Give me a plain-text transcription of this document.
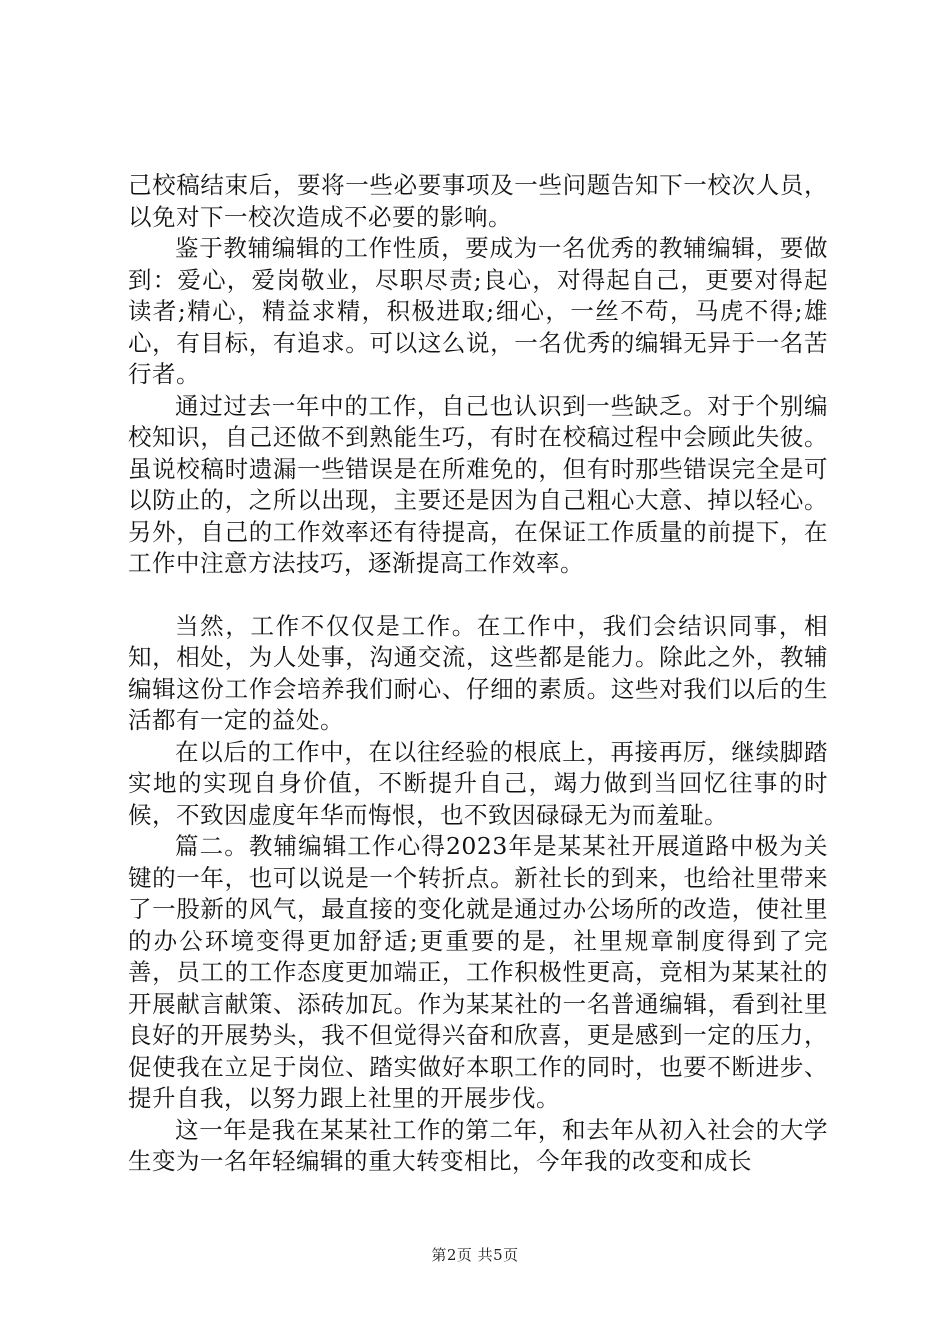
己校稿结束后，要将一些必要事项及一些问题告知下一校次人员，以免对下一校次造成不必要的影响。

鉴于教辅编辑的工作性质，要成为一名优秀的教辅编辑，要做到：爱心，爱岗敬业，尽职尽责;良心，对得起自己，更要对得起读者;精心，精益求精，积极进取;细心，一丝不苟，马虎不得;雄心，有目标，有追求。可以这么说，一名优秀的编辑无异于一名苦行者。

通过过去一年中的工作，自己也认识到一些缺乏。对于个别编校知识，自己还做不到熟能生巧，有时在校稿过程中会顾此失彼。虽说校稿时遗漏一些错误是在所难免的，但有时那些错误完全是可以防止的，之所以出现，主要还是因为自己粗心大意、掉以轻心。另外，自己的工作效率还有待提高，在保证工作质量的前提下，在工作中注意方法技巧，逐渐提高工作效率。

当然，工作不仅仅是工作。在工作中，我们会结识同事，相知，相处，为人处事，沟通交流，这些都是能力。除此之外，教辅编辑这份工作会培养我们耐心、仔细的素质。这些对我们以后的生活都有一定的益处。

在以后的工作中，在以往经验的根底上，再接再厉，继续脚踏实地的实现自身价值，不断提升自己，竭力做到当回忆往事的时候，不致因虚度年华而悔恨，也不致因碌碌无为而羞耻。

篇二。教辅编辑工作心得2023年是某某社开展道路中极为关键的一年，也可以说是一个转折点。新社长的到来，也给社里带来了一股新的风气，最直接的变化就是通过办公场所的改造，使社里的办公环境变得更加舒适;更重要的是，社里规章制度得到了完善，员工的工作态度更加端正，工作积极性更高，竞相为某某社的开展献言献策、添砖加瓦。作为某某社的一名普通编辑，看到社里良好的开展势头，我不但觉得兴奋和欣喜，更是感到一定的压力，促使我在立足于岗位、踏实做好本职工作的同时，也要不断进步、提升自我，以努力跟上社里的开展步伐。

这一年是我在某某社工作的第二年，和去年从初入社会的大学生变为一名年轻编辑的重大转变相比，今年我的改变和成长

第2页 共5页
